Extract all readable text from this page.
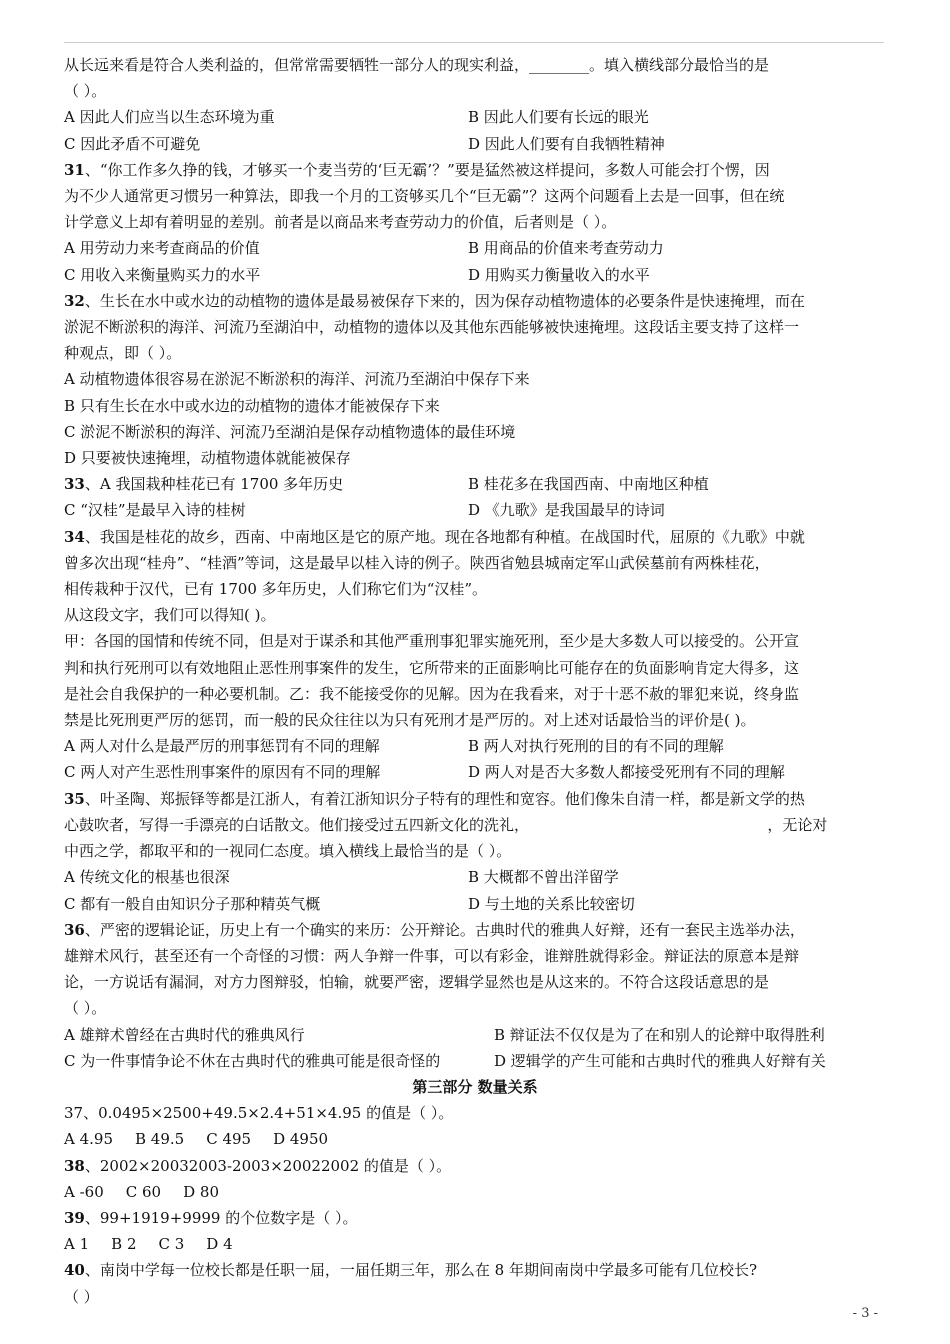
从长远来看是符合人类利益的，但常常需要牺牲一部分人的现实利益，________。填入横线部分最恰当的是
（ ）。
A 因此人们应当以生态环境为重	B 因此人们要有长远的眼光
C 因此矛盾不可避免	D 因此人们要有自我牺牲精神
31、“你工作多久挣的钱，才够买一个麦当劳的‘巨无霸’？”要是猛然被这样提问，多数人可能会打个愣，因
为不少人通常更习惯另一种算法，即我一个月的工资够买几个“巨无霸”？这两个问题看上去是一回事，但在统
计学意义上却有着明显的差别。前者是以商品来考查劳动力的价值，后者则是（ ）。
A 用劳动力来考查商品的价值	B 用商品的价值来考查劳动力
C 用收入来衡量购买力的水平	D 用购买力衡量收入的水平
32、生长在水中或水边的动植物的遗体是最易被保存下来的，因为保存动植物遗体的必要条件是快速掩埋，而在
淤泥不断淤积的海洋、河流乃至湖泊中，动植物的遗体以及其他东西能够被快速掩埋。这段话主要支持了这样一
种观点，即（ ）。
A 动植物遗体很容易在淤泥不断淤积的海洋、河流乃至湖泊中保存下来
B 只有生长在水中或水边的动植物的遗体才能被保存下来
C 淤泥不断淤积的海洋、河流乃至湖泊是保存动植物遗体的最佳环境
D 只要被快速掩埋，动植物遗体就能被保存
33、A 我国栽种桂花已有 1700 多年历史	B 桂花多在我国西南、中南地区种植
C “汉桂”是最早入诗的桂树	D 《九歌》是我国最早的诗词
34、我国是桂花的故乡，西南、中南地区是它的原产地。现在各地都有种植。在战国时代，屈原的《九歌》中就
曾多次出现“桂舟”、“桂酒”等词，这是最早以桂入诗的例子。陕西省勉县城南定军山武侯墓前有两株桂花，
相传栽种于汉代，已有 1700 多年历史，人们称它们为“汉桂”。
从这段文字，我们可以得知( )。
甲：各国的国情和传统不同，但是对于谋杀和其他严重刑事犯罪实施死刑，至少是大多数人可以接受的。公开宣
判和执行死刑可以有效地阻止恶性刑事案件的发生，它所带来的正面影响比可能存在的负面影响肯定大得多，这
是社会自我保护的一种必要机制。乙：我不能接受你的见解。因为在我看来，对于十恶不赦的罪犯来说，终身监
禁是比死刑更严厉的惩罚，而一般的民众往往以为只有死刑才是严厉的。对上述对话最恰当的评价是( )。
A 两人对什么是最严厉的刑事惩罚有不同的理解	B 两人对执行死刑的目的有不同的理解
C 两人对产生恶性刑事案件的原因有不同的理解	D 两人对是否大多数人都接受死刑有不同的理解
35、叶圣陶、郑振铎等都是江浙人，有着江浙知识分子特有的理性和宽容。他们像朱自清一样，都是新文学的热
心鼓吹者，写得一手漂亮的白话散文。他们接受过五四新文化的洗礼，                                                  ，无论对
中西之学，都取平和的一视同仁态度。填入横线上最恰当的是（ ）。
A 传统文化的根基也很深	B 大概都不曾出洋留学
C 都有一般自由知识分子那种精英气概	D 与土地的关系比较密切
36、严密的逻辑论证，历史上有一个确实的来历：公开辩论。古典时代的雅典人好辩，还有一套民主选举办法，
雄辩术风行，甚至还有一个奇怪的习惯：两人争辩一件事，可以有彩金，谁辩胜就得彩金。辩证法的原意本是辩
论，一方说话有漏洞，对方力图辩驳，怕输，就要严密，逻辑学显然也是从这来的。不符合这段话意思的是
（ ）。
A 雄辩术曾经在古典时代的雅典风行	B 辩证法不仅仅是为了在和别人的论辩中取得胜利
C 为一件事情争论不休在古典时代的雅典可能是很奇怪的	D 逻辑学的产生可能和古典时代的雅典人好辩有关
第三部分 数量关系
37、0.0495×2500+49.5×2.4+51×4.95 的值是（ ）。
A 4.95 B 49.5 C 495 D 4950
38、2002×20032003-2003×20022002 的值是（ ）。
A -60 C 60 D 80
39、99+1919+9999 的个位数字是（ ）。
A 1 B 2 C 3 D 4
40、南岗中学每一位校长都是任职一届，一届任期三年，那么在 8 年期间南岗中学最多可能有几位校长?
（ ）
- 3 -
